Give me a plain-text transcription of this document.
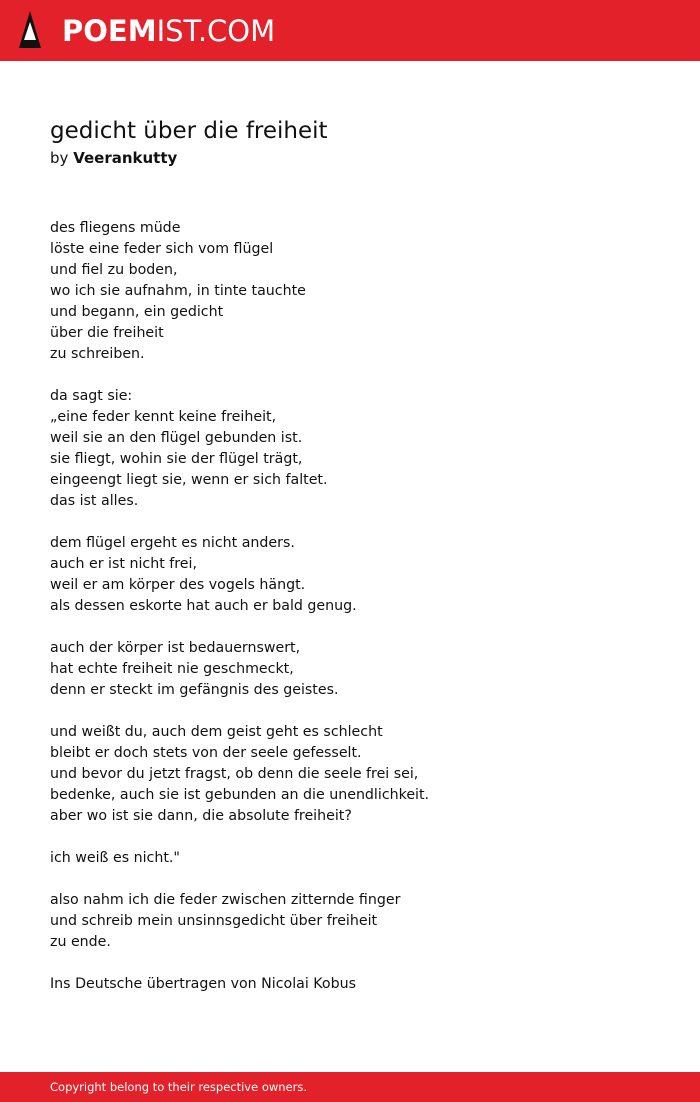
POEMIST.COM
gedicht über die freiheit
by Veerankutty
des fliegens müde
löste eine feder sich vom flügel
und fiel zu boden,
wo ich sie aufnahm, in tinte tauchte
und begann, ein gedicht
über die freiheit
zu schreiben.
da sagt sie:
„eine feder kennt keine freiheit,
weil sie an den flügel gebunden ist.
sie fliegt, wohin sie der flügel trägt,
eingeengt liegt sie, wenn er sich faltet.
das ist alles.
dem flügel ergeht es nicht anders.
auch er ist nicht frei,
weil er am körper des vogels hängt.
als dessen eskorte hat auch er bald genug.
auch der körper ist bedauernswert,
hat echte freiheit nie geschmeckt,
denn er steckt im gefängnis des geistes.
und weißt du, auch dem geist geht es schlecht
bleibt er doch stets von der seele gefesselt.
und bevor du jetzt fragst, ob denn die seele frei sei,
bedenke, auch sie ist gebunden an die unendlichkeit.
aber wo ist sie dann, die absolute freiheit?
ich weiß es nicht."
also nahm ich die feder zwischen zitternde finger
und schreib mein unsinnsgedicht über freiheit
zu ende.
Ins Deutsche übertragen von Nicolai Kobus
Copyright belong to their respective owners.
